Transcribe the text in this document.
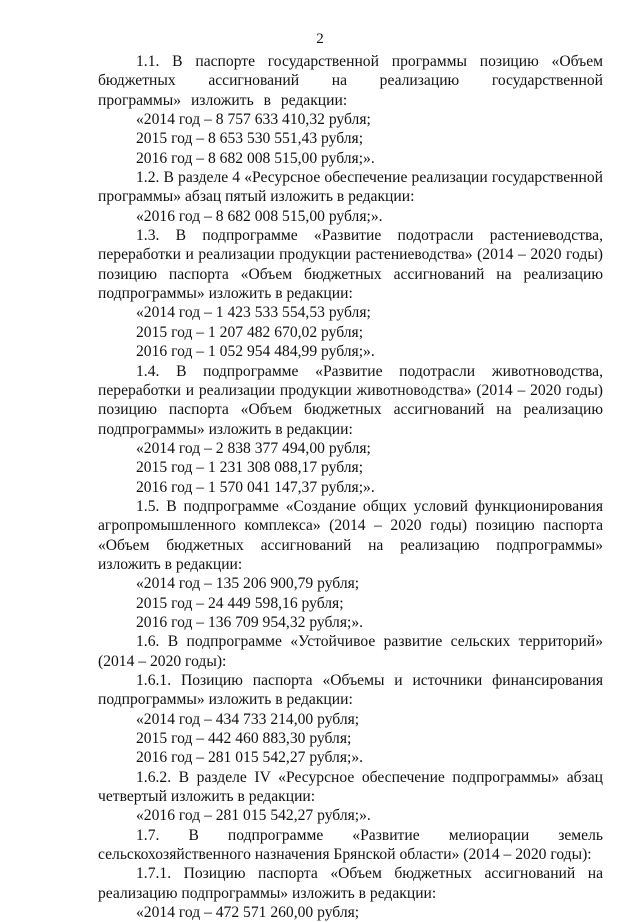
2

1.1. В паспорте государственной программы позицию «Объем бюджетных ассигнований на реализацию государственной программы» изложить в редакции:

«2014 год – 8 757 633 410,32 рубля;

2015 год – 8 653 530 551,43 рубля;

2016 год – 8 682 008 515,00 рубля;».

1.2. В разделе 4 «Ресурсное обеспечение реализации государственной программы» абзац пятый изложить в редакции:

«2016 год – 8 682 008 515,00 рубля;».

1.3. В подпрограмме «Развитие подотрасли растениеводства, переработки и реализации продукции растениеводства» (2014 – 2020 годы) позицию паспорта «Объем бюджетных ассигнований на реализацию подпрограммы» изложить в редакции:

«2014 год – 1 423 533 554,53 рубля;

2015 год – 1 207 482 670,02 рубля;

2016 год – 1 052 954 484,99 рубля;».

1.4. В подпрограмме «Развитие подотрасли животноводства, переработки и реализации продукции животноводства» (2014 – 2020 годы) позицию паспорта «Объем бюджетных ассигнований на реализацию подпрограммы» изложить в редакции:

«2014 год – 2 838 377 494,00 рубля;

2015 год – 1 231 308 088,17 рубля;

2016 год – 1 570 041 147,37 рубля;».

1.5. В подпрограмме «Создание общих условий функционирования агропромышленного комплекса» (2014 – 2020 годы) позицию паспорта «Объем бюджетных ассигнований на реализацию подпрограммы» изложить в редакции:

«2014 год – 135 206 900,79 рубля;

2015 год – 24 449 598,16 рубля;

2016 год – 136 709 954,32 рубля;».

1.6. В подпрограмме «Устойчивое развитие сельских территорий» (2014 – 2020 годы):

1.6.1. Позицию паспорта «Объемы и источники финансирования подпрограммы» изложить в редакции:

«2014 год – 434 733 214,00 рубля;

2015 год – 442 460 883,30 рубля;

2016 год – 281 015 542,27 рубля;».

1.6.2. В разделе IV «Ресурсное обеспечение подпрограммы» абзац четвертый изложить в редакции:

«2016 год – 281 015 542,27 рубля;».

1.7. В подпрограмме «Развитие мелиорации земель сельскохозяйственного назначения Брянской области» (2014 – 2020 годы):

1.7.1. Позицию паспорта «Объем бюджетных ассигнований на реализацию подпрограммы» изложить в редакции:

«2014 год – 472 571 260,00 рубля;
